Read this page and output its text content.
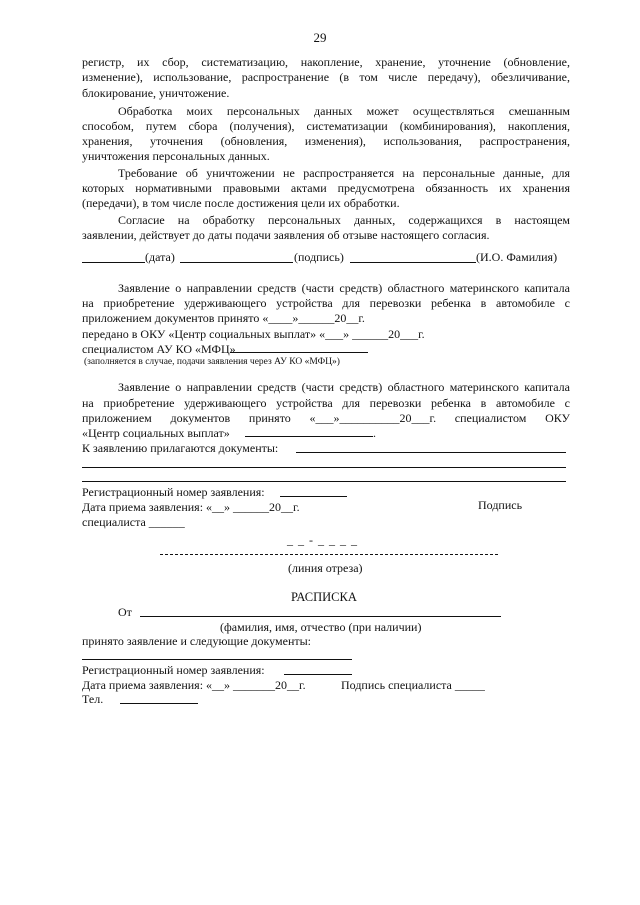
29
регистр, их сбор, систематизацию, накопление, хранение, уточнение (обновление,
изменение), использование, распространение (в том числе передачу), обезличивание,
блокирование, уничтожение.
Обработка моих персональных данных может осуществляться смешанным
способом, путем сбора (получения), систематизации (комбинирования), накопления,
хранения, уточнения (обновления, изменения), использования, распространения,
уничтожения персональных данных.
Требование об уничтожении не распространяется на персональные данные, для
которых нормативными правовыми актами предусмотрена обязанность их хранения
(передачи), в том числе после достижения цели их обработки.
Согласие на обработку персональных данных, содержащихся в настоящем
заявлении, действует до даты подачи заявления об отзыве настоящего согласия.
(дата)	(подпись)	(И.О. Фамилия)
Заявление о направлении средств (части средств) областного материнского капитала
на приобретение удерживающего устройства для перевозки ребенка в автомобиле с
приложением документов принято «____»______20__г.
передано в ОКУ «Центр социальных выплат» «___» ______20___г.
специалистом АУ КО «МФЦ»
(заполняется в случае, подачи заявления через АУ КО «МФЦ»)
Заявление о направлении средств (части средств) областного материнского капитала
на приобретение удерживающего устройства для перевозки ребенка в автомобиле с
приложением документов принято «___»__________20___г. специалистом ОКУ
«Центр социальных выплат»	.
К заявлению прилагаются документы:
Регистрационный номер заявления:
Дата приема заявления: «__» ______20__г.	Подпись
специалиста ______
_ _ - _ _ _ _
(линия отреза)
РАСПИСКА
От
(фамилия, имя, отчество (при наличии)
принято заявление и следующие документы:
Регистрационный номер заявления:
Дата приема заявления: «__» _______20__г.	Подпись специалиста _____
Тел.
